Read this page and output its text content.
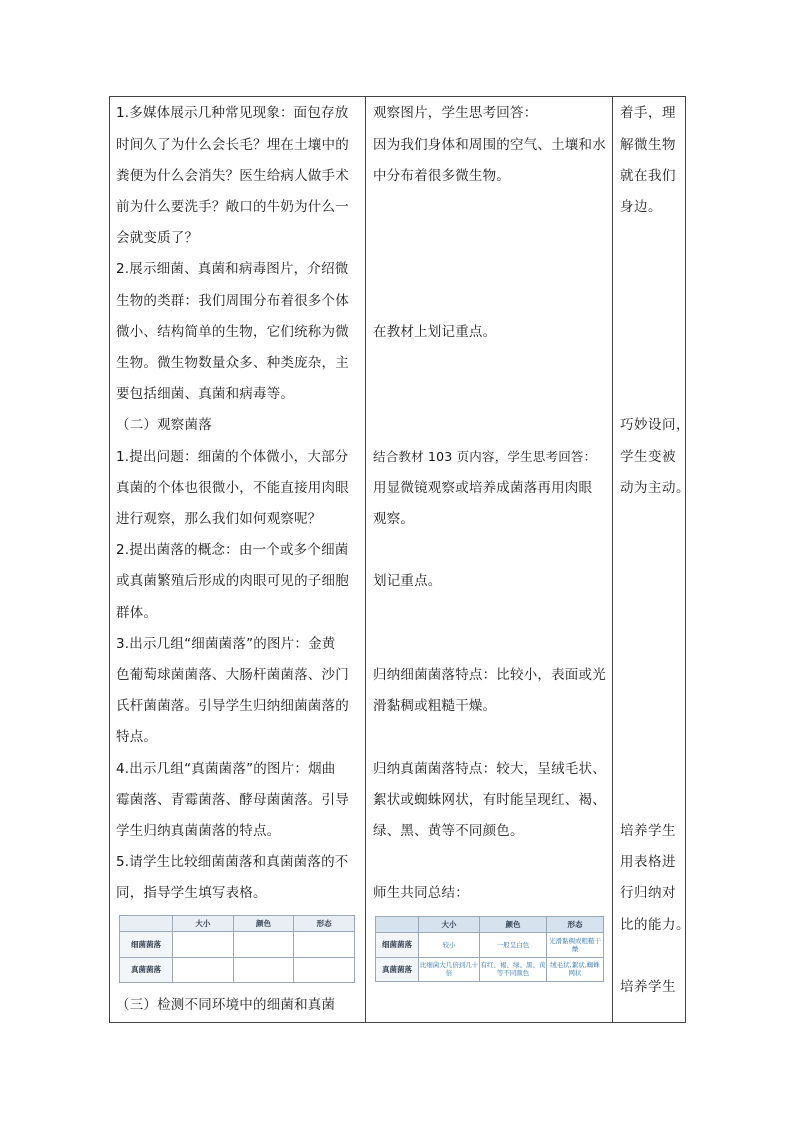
1.多媒体展示几种常见现象：面包存放
时间久了为什么会长毛？埋在土壤中的
粪便为什么会消失？医生给病人做手术
前为什么要洗手？敞口的牛奶为什么一
会就变质了？
2.展示细菌、真菌和病毒图片，介绍微
生物的类群：我们周围分布着很多个体
微小、结构简单的生物，它们统称为微
生物。微生物数量众多、种类庞杂，主
要包括细菌、真菌和病毒等。
（二）观察菌落
1.提出问题：细菌的个体微小，大部分
真菌的个体也很微小，不能直接用肉眼
进行观察，那么我们如何观察呢？
2.提出菌落的概念：由一个或多个细菌
或真菌繁殖后形成的肉眼可见的子细胞
群体。
3.出示几组“细菌菌落”的图片：金黄
色葡萄球菌菌落、大肠杆菌菌落、沙门
氏杆菌菌落。引导学生归纳细菌菌落的
特点。
4.出示几组“真菌菌落”的图片：烟曲
霉菌落、青霉菌落、酵母菌菌落。引导
学生归纳真菌菌落的特点。
5.请学生比较细菌菌落和真菌菌落的不
同，指导学生填写表格。
	大小	颜色	形态
细菌菌落			
真菌菌落			
（三）检测不同环境中的细菌和真菌
观察图片，学生思考回答：
因为我们身体和周围的空气、土壤和水
中分布着很多微生物。
在教材上划记重点。
结合教材 103 页内容，学生思考回答：
用显微镜观察或培养成菌落再用肉眼
观察。
划记重点。
归纳细菌菌落特点：比较小，表面或光
滑黏稠或粗糙干燥。
归纳真菌菌落特点：较大，呈绒毛状、
絮状或蜘蛛网状，有时能呈现红、褐、
绿、黑、黄等不同颜色。
师生共同总结：
	大小	颜色	形态
细菌菌落	较小	一般呈白色	光滑黏稠或粗糙干燥
真菌菌落	比细菌大几倍到几十倍	有红、褐、绿、黑、黄等不同颜色	绒毛状,絮状,蜘蛛网状
着手，理
解微生物
就在我们
身边。
巧妙设问，
学生变被
动为主动。
培养学生
用表格进
行归纳对
比的能力。
培养学生
